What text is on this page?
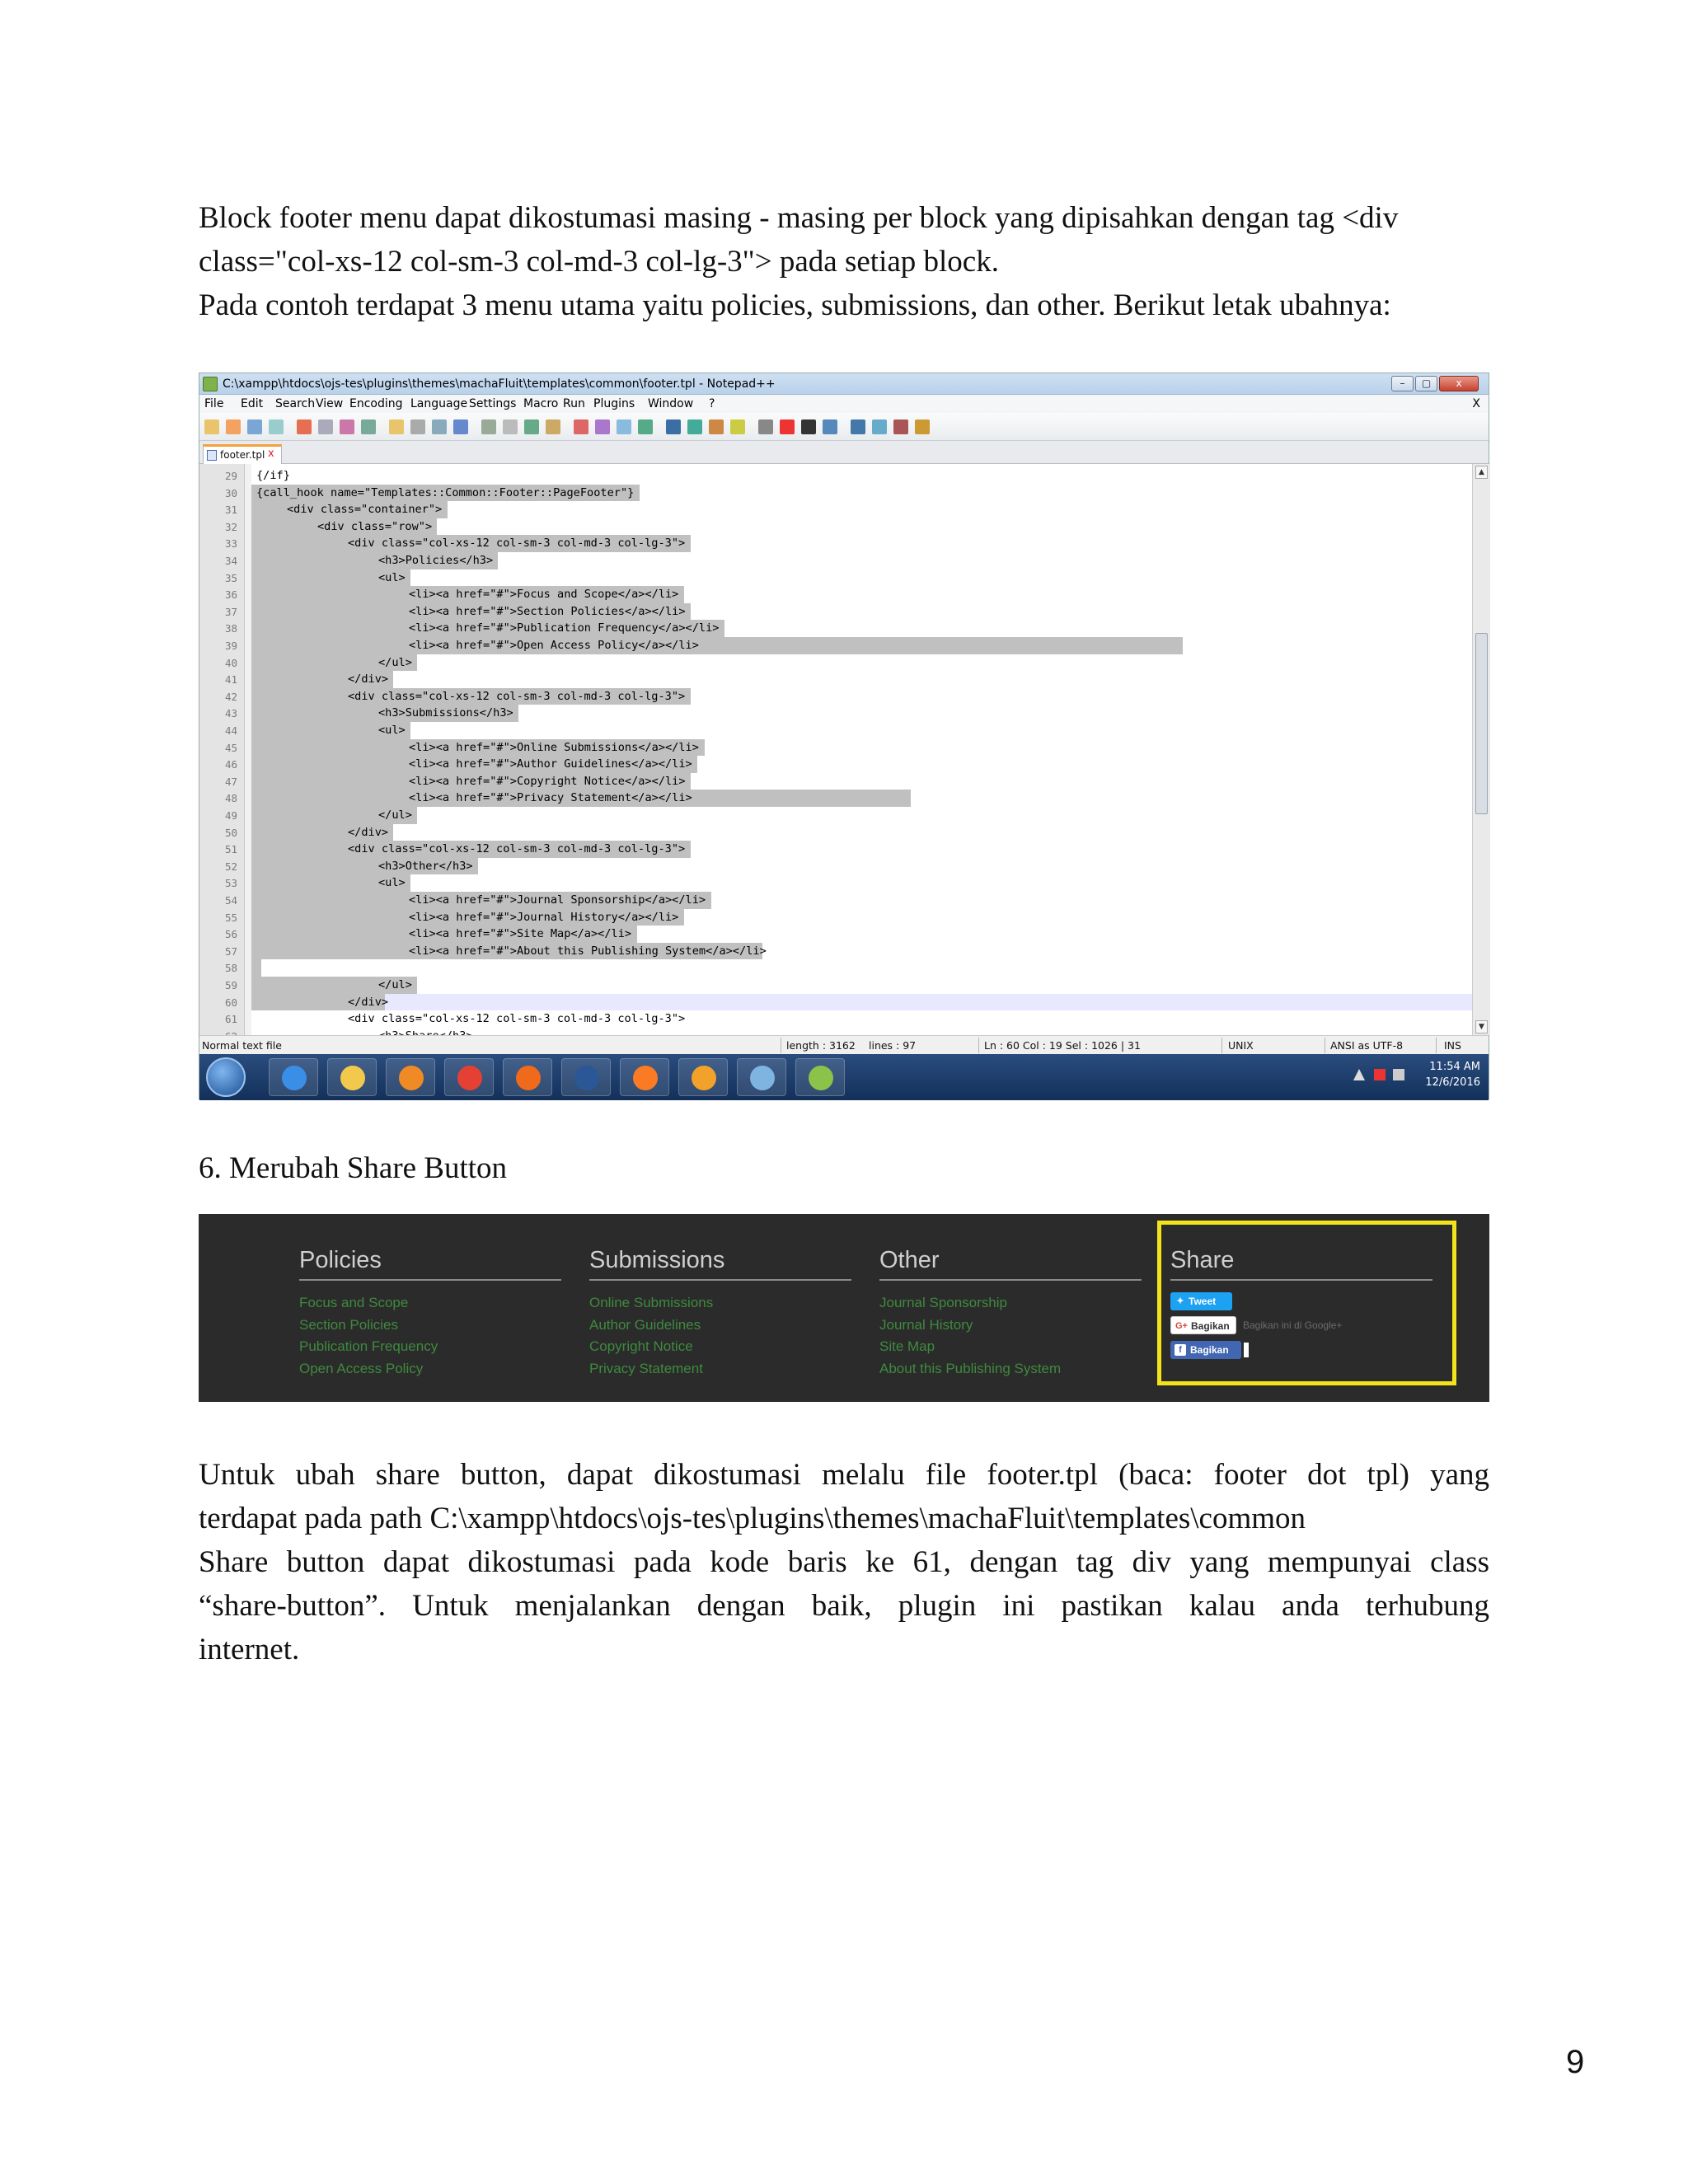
Block footer menu dapat dikostumasi masing - masing per block yang dipisahkan dengan tag <div
class="col-xs-12 col-sm-3 col-md-3 col-lg-3"> pada setiap block.
Pada contoh terdapat 3 menu utama yaitu policies, submissions, dan other. Berikut letak ubahnya:
C:\xampp\htdocs\ojs-tes\plugins\themes\machaFluit\templates\common\footer.tpl - Notepad++	–	▢	x
X
File Edit Search View Encoding Language Settings Macro Run Plugins Window ?
footer.tpl x
29 {/if}
30 {call_hook name="Templates::Common::Footer::PageFooter"}
31	<div class="container">
32	<div class="row">
33	<div class="col-xs-12 col-sm-3 col-md-3 col-lg-3">
34	<h3>Policies</h3>
35	<ul>
36	<li><a href="#">Focus and Scope</a></li>
37	<li><a href="#">Section Policies</a></li>
38	<li><a href="#">Publication Frequency</a></li>
39	<li><a href="#">Open Access Policy</a></li>
40	</ul>
41	</div>
42	<div class="col-xs-12 col-sm-3 col-md-3 col-lg-3">
43	<h3>Submissions</h3>
44	<ul>
45	<li><a href="#">Online Submissions</a></li>
46	<li><a href="#">Author Guidelines</a></li>
47	<li><a href="#">Copyright Notice</a></li>
48	<li><a href="#">Privacy Statement</a></li>
49	</ul>
50	</div>
51	<div class="col-xs-12 col-sm-3 col-md-3 col-lg-3">
52	<h3>Other</h3>
53	<ul>
54	<li><a href="#">Journal Sponsorship</a></li>
55	<li><a href="#">Journal History</a></li>
56	<li><a href="#">Site Map</a></li>
57	<li><a href="#">About this Publishing System</a></li>
58
59	</ul>
60	</div>
61	<div class="col-xs-12 col-sm-3 col-md-3 col-lg-3">
▲
▼
Normal text file	length : 3162 lines : 97	Ln : 60 Col : 19 Sel : 1026 | 31	UNIX	ANSI as UTF-8	INS
11:54 AM
12/6/2016
6. Merubah Share Button
Policies
Focus and Scope
Section Policies
Publication Frequency
Open Access Policy
Submissions
Online Submissions
Author Guidelines
Copyright Notice
Privacy Statement
Other
Journal Sponsorship
Journal History
Site Map
About this Publishing System
Share
✦ Tweet
G+ Bagikan	Bagikan ini di Google+
f Bagikan
Untuk ubah share button, dapat dikostumasi melalu file footer.tpl (baca: footer dot tpl) yang
terdapat pada path C:\xampp\htdocs\ojs-tes\plugins\themes\machaFluit\templates\common
Share button dapat dikostumasi pada kode baris ke 61, dengan tag div yang mempunyai class
“share-button”. Untuk menjalankan dengan baik, plugin ini pastikan kalau anda terhubung
internet.
9
